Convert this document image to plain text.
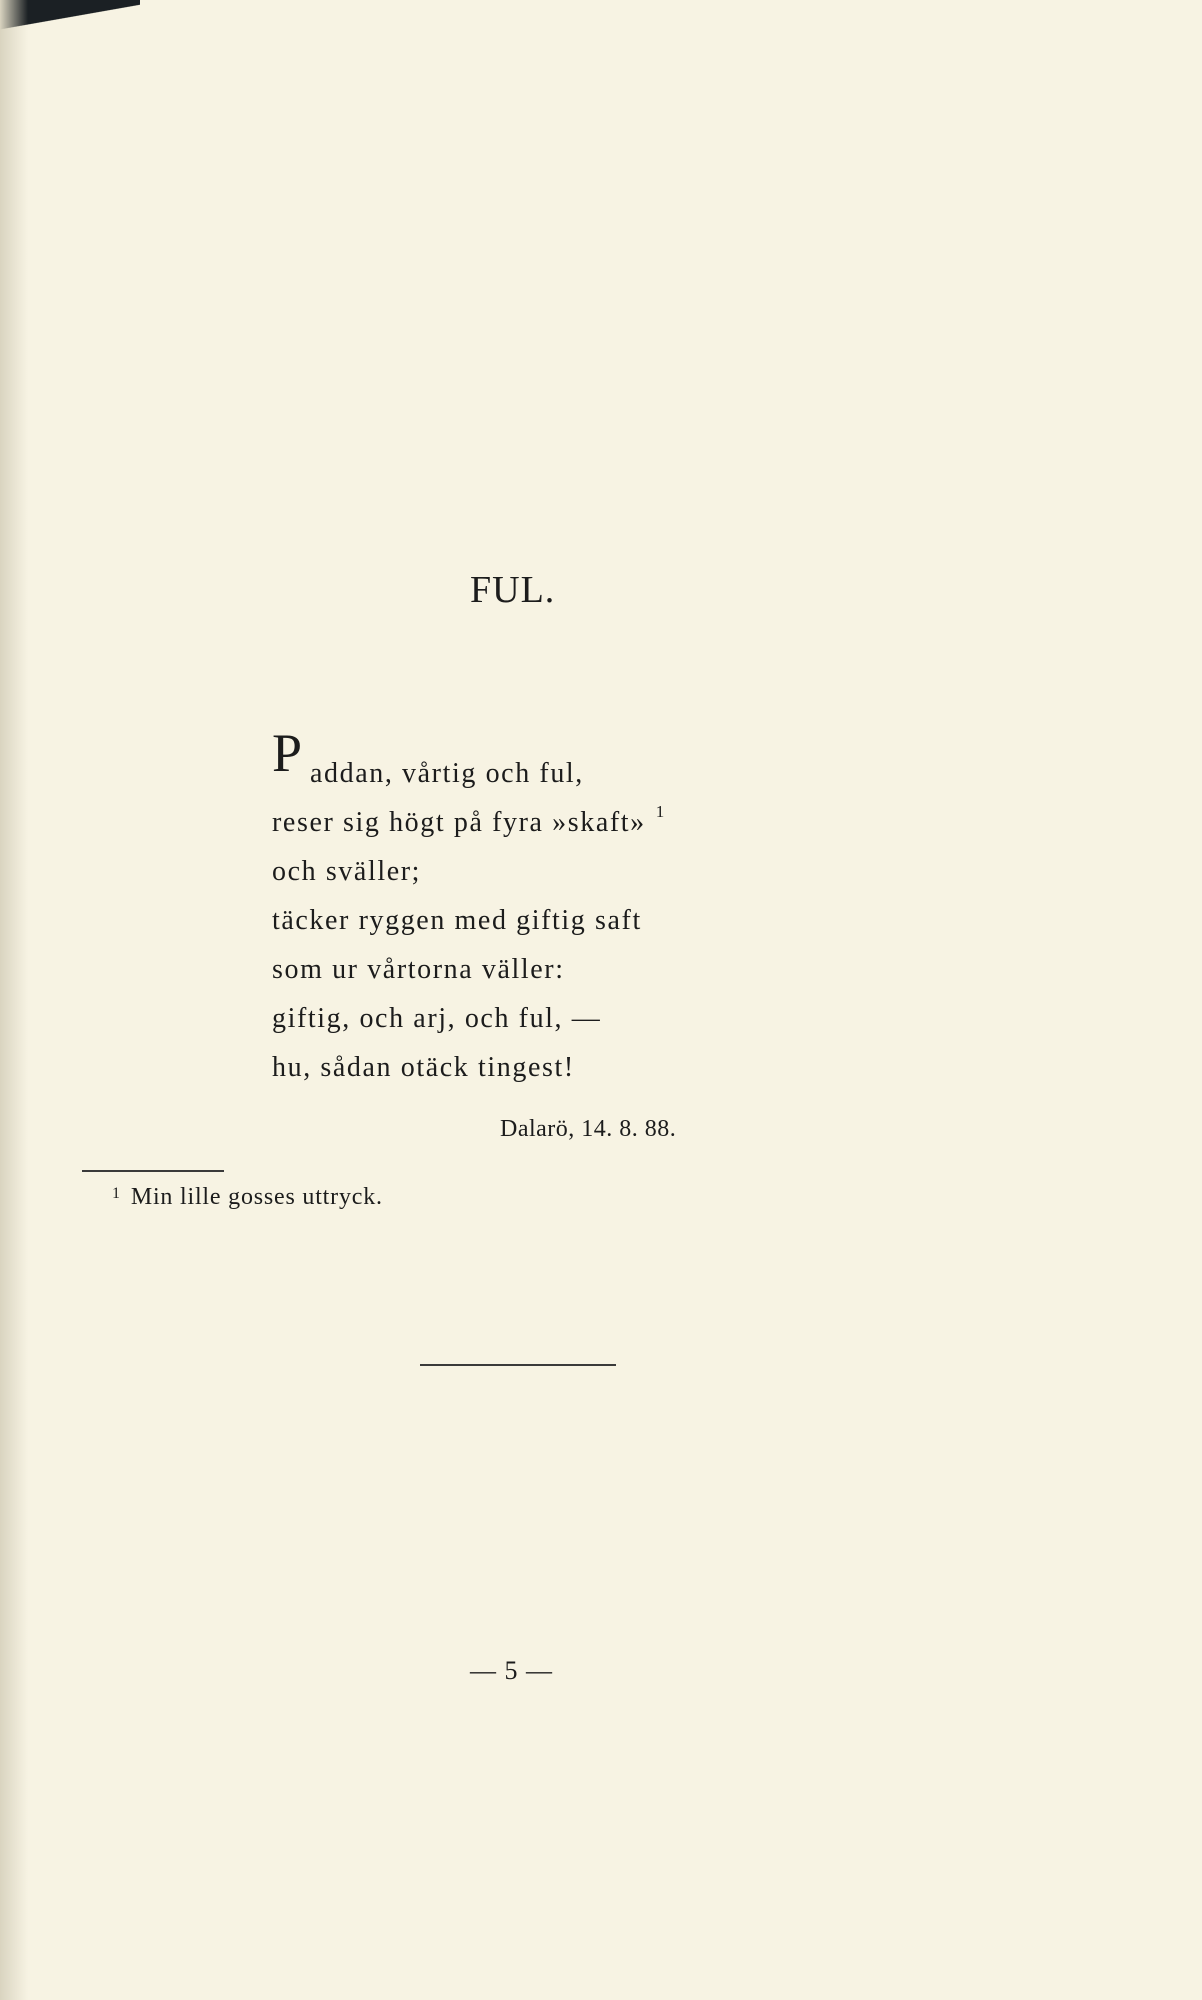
FUL.
P addan, vårtig och ful,
reser sig högt på fyra »skaft» $^1$
och sväller;
täcker ryggen med giftig saft
som ur vårtorna väller:
giftig, och arj, och ful, —
hu, sådan otäck tingest!
Dalarö, 14. 8. 88.
$^1$ Min lille gosses uttryck.
— 5 —
